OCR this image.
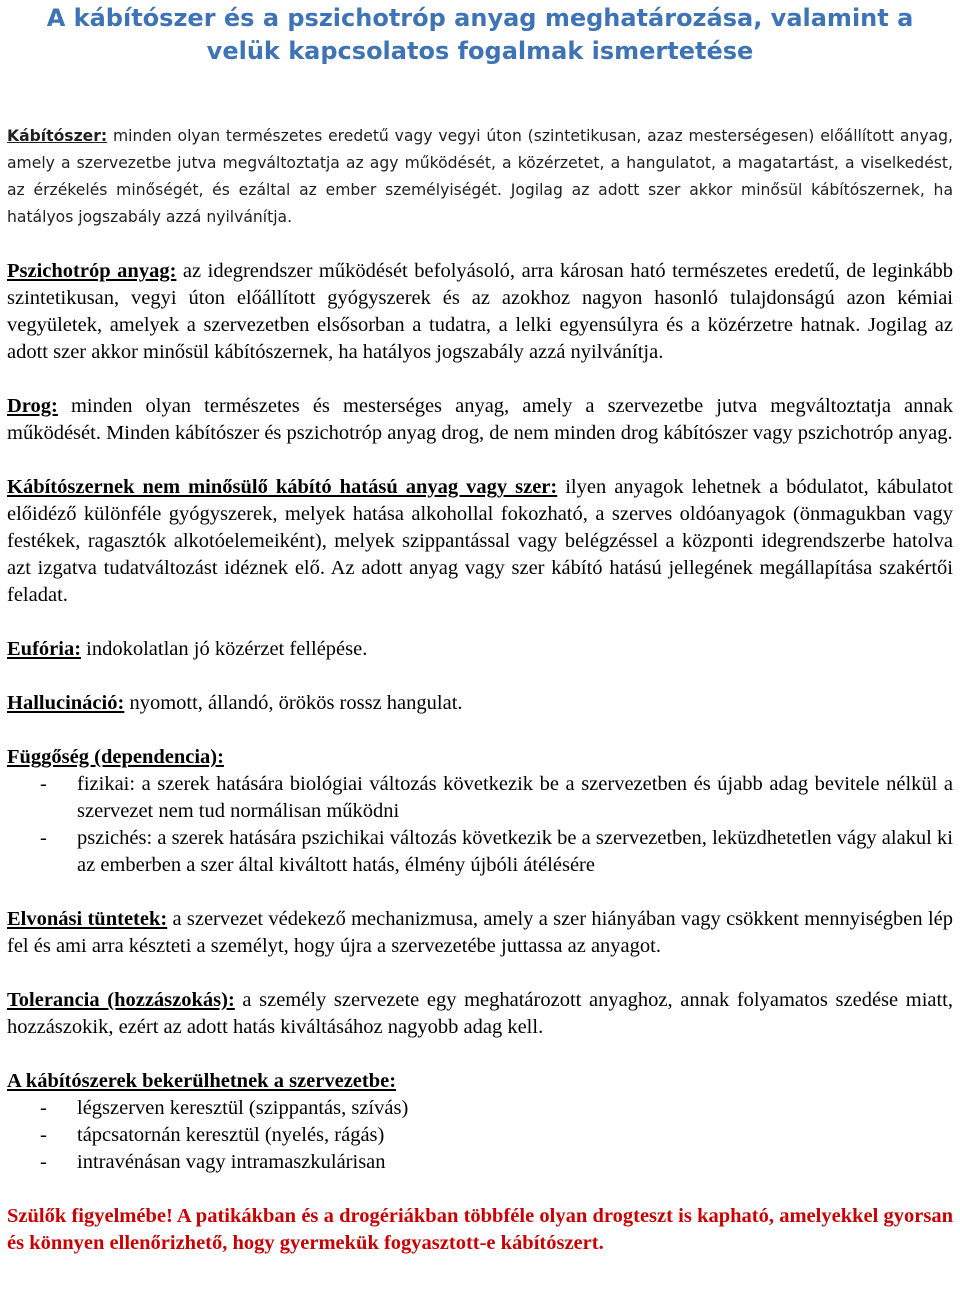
A kábítószer és a pszichotróp anyag meghatározása, valamint a velük kapcsolatos fogalmak ismertetése

Kábítószer: minden olyan természetes eredetű vagy vegyi úton (szintetikusan, azaz mesterségesen) előállított anyag, amely a szervezetbe jutva megváltoztatja az agy működését, a közérzetet, a hangulatot, a magatartást, a viselkedést, az érzékelés minőségét, és ezáltal az ember személyiségét. Jogilag az adott szer akkor minősül kábítószernek, ha hatályos jogszabály azzá nyilvánítja.

Pszichotróp anyag: az idegrendszer működését befolyásoló, arra károsan ható természetes eredetű, de leginkább szintetikusan, vegyi úton előállított gyógyszerek és az azokhoz nagyon hasonló tulajdonságú azon kémiai vegyületek, amelyek a szervezetben elsősorban a tudatra, a lelki egyensúlyra és a közérzetre hatnak. Jogilag az adott szer akkor minősül kábítószernek, ha hatályos jogszabály azzá nyilvánítja.

Drog: minden olyan természetes és mesterséges anyag, amely a szervezetbe jutva megváltoztatja annak működését. Minden kábítószer és pszichotróp anyag drog, de nem minden drog kábítószer vagy pszichotróp anyag.

Kábítószernek nem minősülő kábító hatású anyag vagy szer: ilyen anyagok lehetnek a bódulatot, kábulatot előidéző különféle gyógyszerek, melyek hatása alkohollal fokozható, a szerves oldóanyagok (önmagukban vagy festékek, ragasztók alkotóelemeiként), melyek szippantással vagy belégzéssel a központi idegrendszerbe hatolva azt izgatva tudatváltozást idéznek elő. Az adott anyag vagy szer kábító hatású jellegének megállapítása szakértői feladat.

Eufória: indokolatlan jó közérzet fellépése.

Hallucináció: nyomott, állandó, örökös rossz hangulat.

Függőség (dependencia):

- fizikai: a szerek hatására biológiai változás következik be a szervezetben és újabb adag bevitele nélkül a szervezet nem tud normálisan működni
- pszichés: a szerek hatására pszichikai változás következik be a szervezetben, leküzdhetetlen vágy alakul ki az emberben a szer által kiváltott hatás, élmény újbóli átélésére

Elvonási tüntetek: a szervezet védekező mechanizmusa, amely a szer hiányában vagy csökkent mennyiségben lép fel és ami arra készteti a személyt, hogy újra a szervezetébe juttassa az anyagot.

Tolerancia (hozzászokás): a személy szervezete egy meghatározott anyaghoz, annak folyamatos szedése miatt, hozzászokik, ezért az adott hatás kiváltásához nagyobb adag kell.

A kábítószerek bekerülhetnek a szervezetbe:

- légszerven keresztül (szippantás, szívás)
- tápcsatornán keresztül (nyelés, rágás)
- intravénásan vagy intramaszkulárisan

Szülők figyelmébe! A patikákban és a drogériákban többféle olyan drogteszt is kapható, amelyekkel gyorsan és könnyen ellenőrizhető, hogy gyermekük fogyasztott-e kábítószert.
